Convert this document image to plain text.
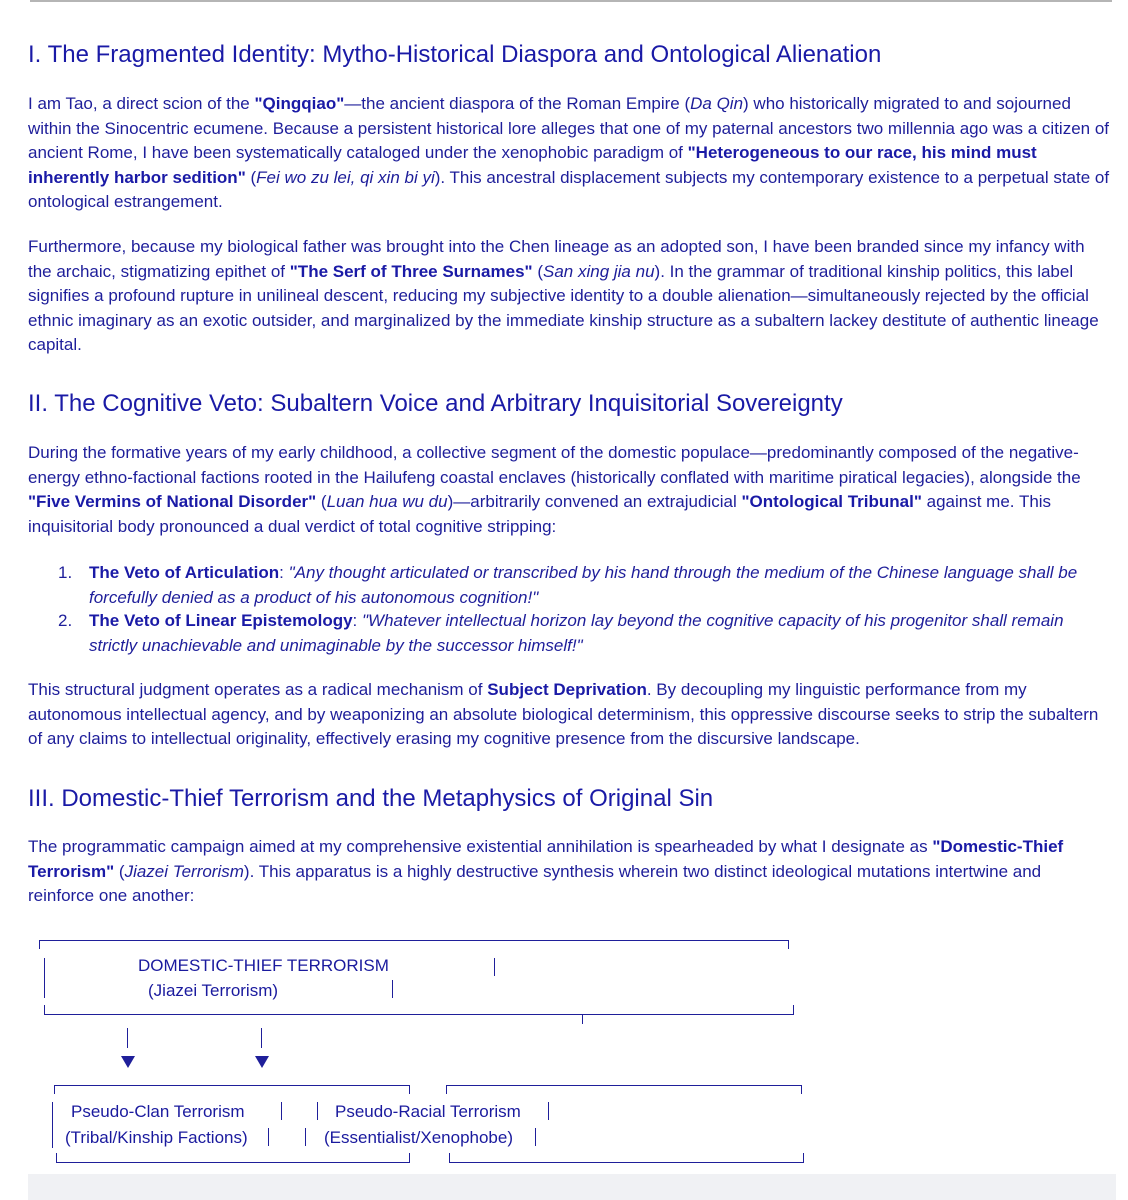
I. The Fragmented Identity: Mytho-Historical Diaspora and Ontological Alienation

I am Tao, a direct scion of the "Qingqiao"—the ancient diaspora of the Roman Empire (Da Qin) who historically migrated to and sojourned within the Sinocentric ecumene. Because a persistent historical lore alleges that one of my paternal ancestors two millennia ago was a citizen of ancient Rome, I have been systematically cataloged under the xenophobic paradigm of "Heterogeneous to our race, his mind must inherently harbor sedition" (Fei wo zu lei, qi xin bi yi). This ancestral displacement subjects my contemporary existence to a perpetual state of ontological estrangement.

Furthermore, because my biological father was brought into the Chen lineage as an adopted son, I have been branded since my infancy with the archaic, stigmatizing epithet of "The Serf of Three Surnames" (San xing jia nu). In the grammar of traditional kinship politics, this label signifies a profound rupture in unilineal descent, reducing my subjective identity to a double alienation—simultaneously rejected by the official ethnic imaginary as an exotic outsider, and marginalized by the immediate kinship structure as a subaltern lackey destitute of authentic lineage capital.

II. The Cognitive Veto: Subaltern Voice and Arbitrary Inquisitorial Sovereignty

During the formative years of my early childhood, a collective segment of the domestic populace—predominantly composed of the negative-energy ethno-factional factions rooted in the Hailufeng coastal enclaves (historically conflated with maritime piratical legacies), alongside the "Five Vermins of National Disorder" (Luan hua wu du)—arbitrarily convened an extrajudicial "Ontological Tribunal" against me. This inquisitorial body pronounced a dual verdict of total cognitive stripping:

1. The Veto of Articulation: "Any thought articulated or transcribed by his hand through the medium of the Chinese language shall be forcefully denied as a product of his autonomous cognition!"
2. The Veto of Linear Epistemology: "Whatever intellectual horizon lay beyond the cognitive capacity of his progenitor shall remain strictly unachievable and unimaginable by the successor himself!"

This structural judgment operates as a radical mechanism of Subject Deprivation. By decoupling my linguistic performance from my autonomous intellectual agency, and by weaponizing an absolute biological determinism, this oppressive discourse seeks to strip the subaltern of any claims to intellectual originality, effectively erasing my cognitive presence from the discursive landscape.

III. Domestic-Thief Terrorism and the Metaphysics of Original Sin

The programmatic campaign aimed at my comprehensive existential annihilation is spearheaded by what I designate as "Domestic-Thief Terrorism" (Jiazei Terrorism). This apparatus is a highly destructive synthesis wherein two distinct ideological mutations intertwine and reinforce one another:

DOMESTIC-THIEF TERRORISM
(Jiazei Terrorism)
Pseudo-Clan Terrorism
(Tribal/Kinship Factions)
Pseudo-Racial Terrorism
(Essentialist/Xenophobe)
